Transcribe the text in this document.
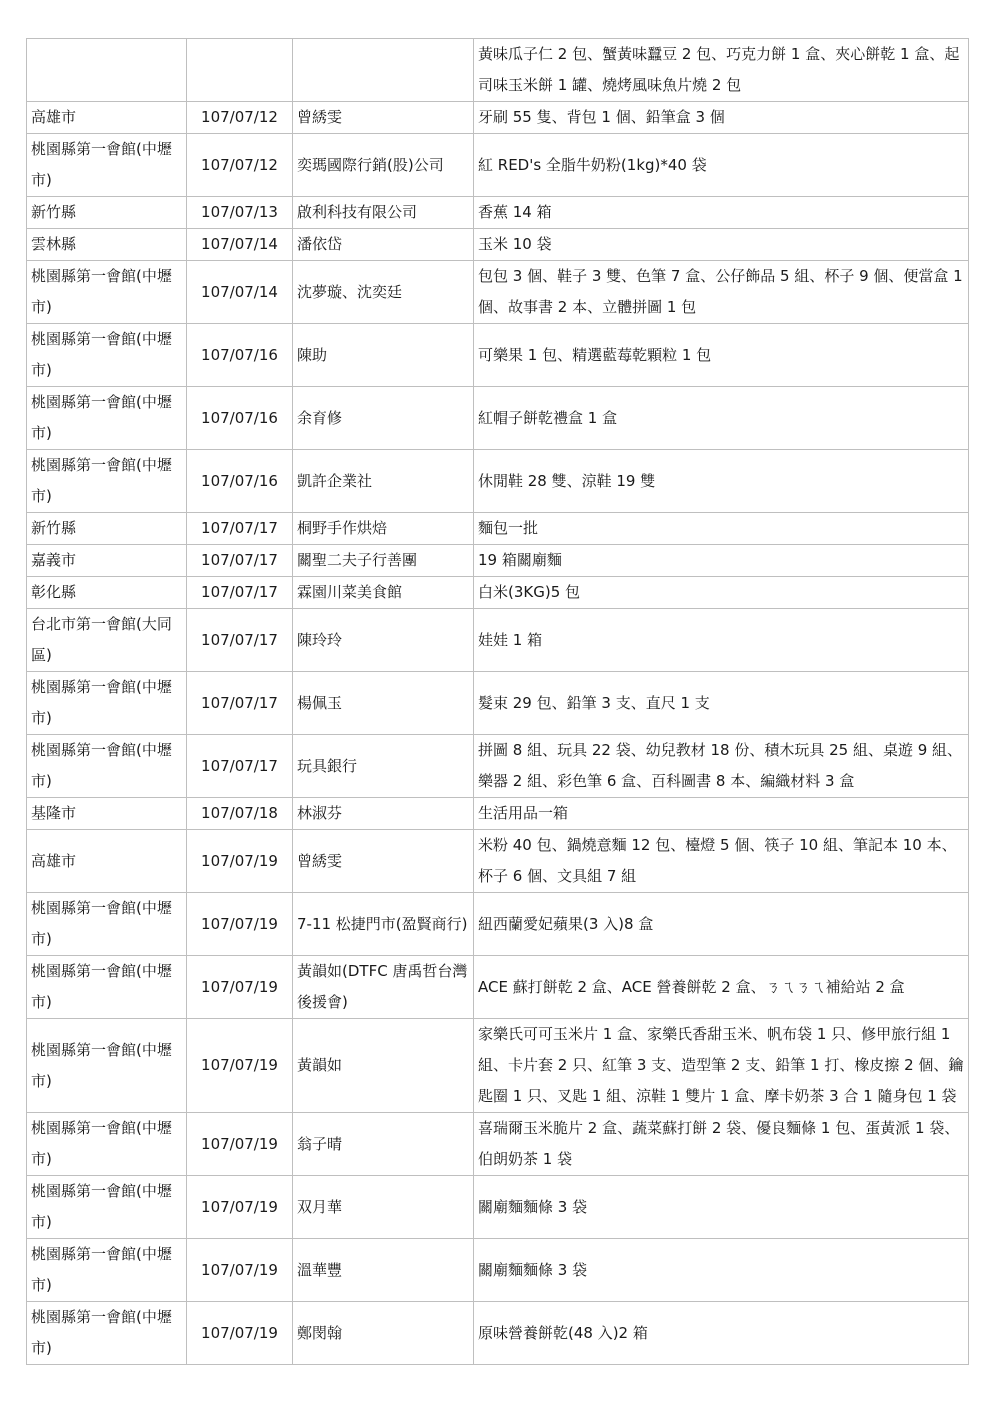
			黃味瓜子仁 2 包、蟹黃味蠶豆 2 包、巧克力餅 1 盒、夾心餅乾 1 盒、起司味玉米餅 1 罐、燒烤風味魚片燒 2 包
高雄市	107/07/12	曾綉雯	牙刷 55 隻、背包 1 個、鉛筆盒 3 個
桃園縣第一會館(中壢市)	107/07/12	奕瑪國際行銷(股)公司	紅 RED's 全脂牛奶粉(1kg)*40 袋
新竹縣	107/07/13	啟利科技有限公司	香蕉 14 箱
雲林縣	107/07/14	潘依岱	玉米 10 袋
桃園縣第一會館(中壢市)	107/07/14	沈夢璇、沈奕廷	包包 3 個、鞋子 3 雙、色筆 7 盒、公仔飾品 5 組、杯子 9 個、便當盒 1 個、故事書 2 本、立體拼圖 1 包
桃園縣第一會館(中壢市)	107/07/16	陳助	可樂果 1 包、精選藍莓乾顆粒 1 包
桃園縣第一會館(中壢市)	107/07/16	余育修	紅帽子餅乾禮盒 1 盒
桃園縣第一會館(中壢市)	107/07/16	凱許企業社	休閒鞋 28 雙、涼鞋 19 雙
新竹縣	107/07/17	桐野手作烘焙	麵包一批
嘉義市	107/07/17	關聖二夫子行善團	19 箱關廟麵
彰化縣	107/07/17	霖園川菜美食館	白米(3KG)5 包
台北市第一會館(大同區)	107/07/17	陳玲玲	娃娃 1 箱
桃園縣第一會館(中壢市)	107/07/17	楊佩玉	髮束 29 包、鉛筆 3 支、直尺 1 支
桃園縣第一會館(中壢市)	107/07/17	玩具銀行	拼圖 8 組、玩具 22 袋、幼兒教材 18 份、積木玩具 25 組、桌遊 9 組、樂器 2 組、彩色筆 6 盒、百科圖書 8 本、編織材料 3 盒
基隆市	107/07/18	林淑芬	生活用品一箱
高雄市	107/07/19	曾綉雯	米粉 40 包、鍋燒意麵 12 包、檯燈 5 個、筷子 10 組、筆記本 10 本、杯子 6 個、文具組 7 組
桃園縣第一會館(中壢市)	107/07/19	7-11 松捷門市(盈賢商行)	紐西蘭愛妃蘋果(3 入)8 盒
桃園縣第一會館(中壢市)	107/07/19	黃韻如(DTFC 唐禹哲台灣後援會)	ACE 蘇打餅乾 2 盒、ACE 營養餅乾 2 盒、ㄋㄟㄋㄟ補給站 2 盒
桃園縣第一會館(中壢市)	107/07/19	黃韻如	家樂氏可可玉米片 1 盒、家樂氏香甜玉米、帆布袋 1 只、修甲旅行組 1 組、卡片套 2 只、紅筆 3 支、造型筆 2 支、鉛筆 1 打、橡皮擦 2 個、鑰匙圈 1 只、叉匙 1 組、涼鞋 1 雙片 1 盒、摩卡奶茶 3 合 1 隨身包 1 袋
桃園縣第一會館(中壢市)	107/07/19	翁子晴	喜瑞爾玉米脆片 2 盒、蔬菜蘇打餅 2 袋、優良麵條 1 包、蛋黃派 1 袋、伯朗奶茶 1 袋
桃園縣第一會館(中壢市)	107/07/19	双月華	關廟麵麵條 3 袋
桃園縣第一會館(中壢市)	107/07/19	溫華豐	關廟麵麵條 3 袋
桃園縣第一會館(中壢市)	107/07/19	鄭閔翰	原味營養餅乾(48 入)2 箱
